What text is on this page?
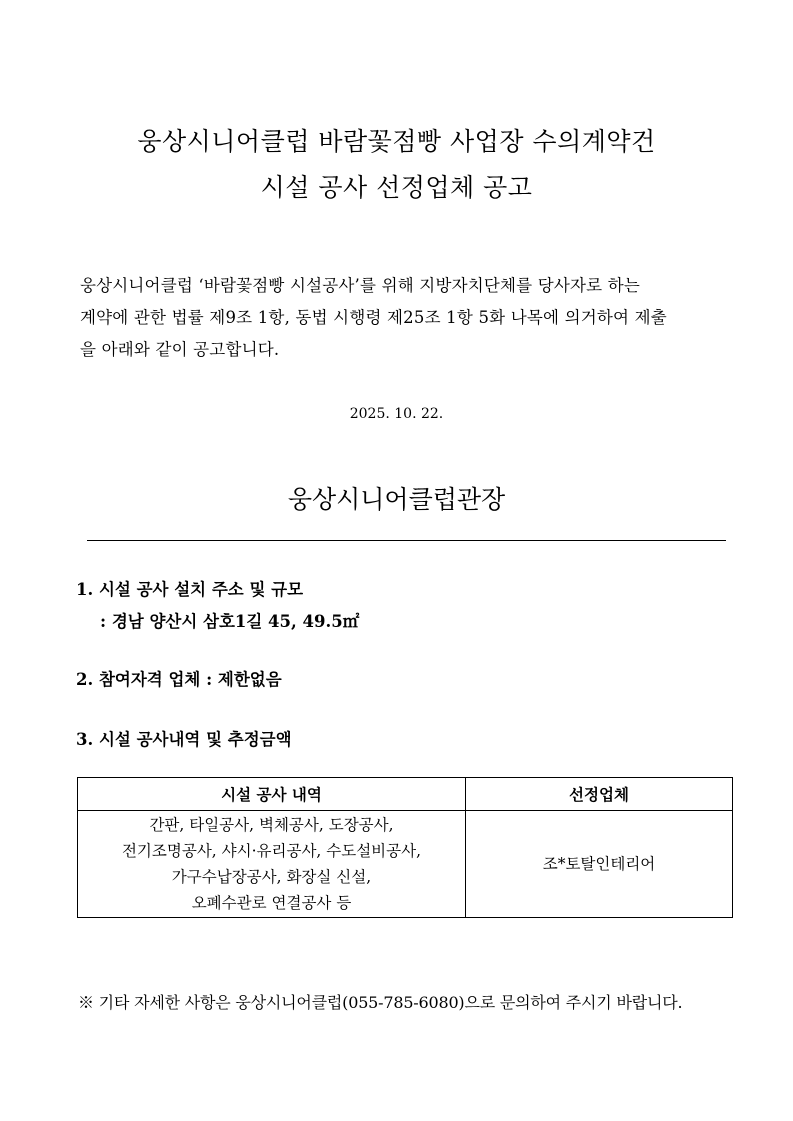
웅상시니어클럽 바람꽃점빵 사업장 수의계약건
시설 공사 선정업체 공고
웅상시니어클럽 ‘바람꽃점빵 시설공사’를 위해 지방자치단체를 당사자로 하는
계약에 관한 법률 제9조 1항, 동법 시행령 제25조 1항 5화 나목에 의거하여 제출
을 아래와 같이 공고합니다.
2025. 10. 22.
웅상시니어클럽관장
1. 시설 공사 설치 주소 및 규모
: 경남 양산시 삼호1길 45, 49.5㎡
2. 참여자격 업체 : 제한없음
3. 시설 공사내역 및 추정금액
시설 공사 내역	선정업체

간판, 타일공사, 벽체공사, 도장공사,
전기조명공사, 샤시·유리공사, 수도설비공사,
가구수납장공사, 화장실 신설,
오폐수관로 연결공사 등	조*토탈인테리어
※ 기타 자세한 사항은 웅상시니어클럽(055-785-6080)으로 문의하여 주시기 바랍니다.
